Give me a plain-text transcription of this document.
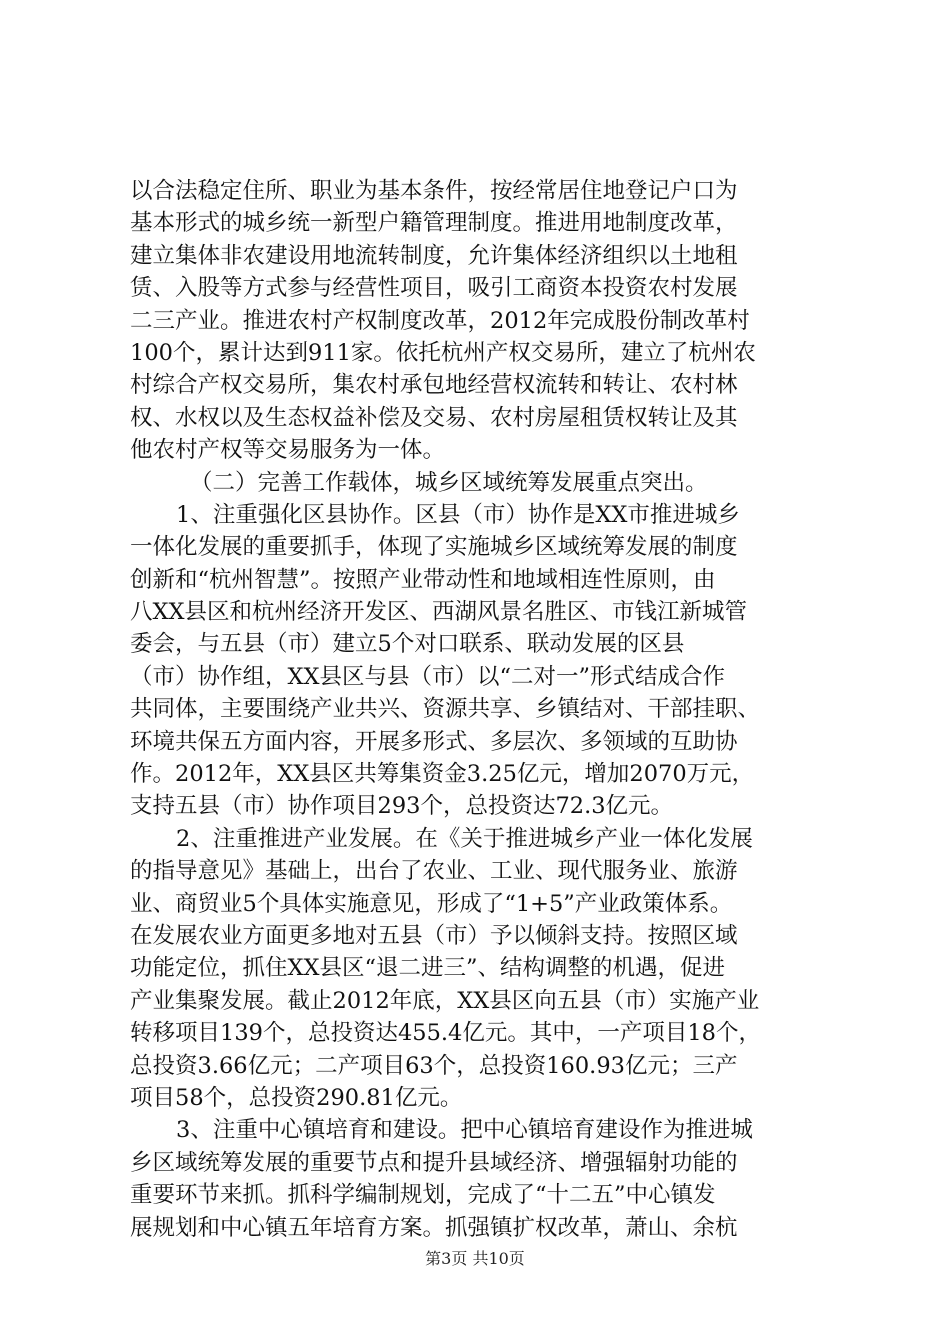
以合法稳定住所、职业为基本条件，按经常居住地登记户口为
基本形式的城乡统一新型户籍管理制度。推进用地制度改革，
建立集体非农建设用地流转制度，允许集体经济组织以土地租
赁、入股等方式参与经营性项目，吸引工商资本投资农村发展
二三产业。推进农村产权制度改革，2012年完成股份制改革村
100个，累计达到911家。依托杭州产权交易所，建立了杭州农
村综合产权交易所，集农村承包地经营权流转和转让、农村林
权、水权以及生态权益补偿及交易、农村房屋租赁权转让及其
他农村产权等交易服务为一体。
（二）完善工作载体，城乡区域统筹发展重点突出。
1、注重强化区县协作。区县（市）协作是XX市推进城乡
一体化发展的重要抓手，体现了实施城乡区域统筹发展的制度
创新和“杭州智慧”。按照产业带动性和地域相连性原则，由
八XX县区和杭州经济开发区、西湖风景名胜区、市钱江新城管
委会，与五县（市）建立5个对口联系、联动发展的区县
（市）协作组，XX县区与县（市）以“二对一”形式结成合作
共同体，主要围绕产业共兴、资源共享、乡镇结对、干部挂职、
环境共保五方面内容，开展多形式、多层次、多领域的互助协
作。2012年，XX县区共筹集资金3.25亿元，增加2070万元，
支持五县（市）协作项目293个，总投资达72.3亿元。
2、注重推进产业发展。在《关于推进城乡产业一体化发展
的指导意见》基础上，出台了农业、工业、现代服务业、旅游
业、商贸业5个具体实施意见，形成了“1+5”产业政策体系。
在发展农业方面更多地对五县（市）予以倾斜支持。按照区域
功能定位，抓住XX县区“退二进三”、结构调整的机遇，促进
产业集聚发展。截止2012年底，XX县区向五县（市）实施产业
转移项目139个，总投资达455.4亿元。其中，一产项目18个，
总投资3.66亿元；二产项目63个，总投资160.93亿元；三产
项目58个，总投资290.81亿元。
3、注重中心镇培育和建设。把中心镇培育建设作为推进城
乡区域统筹发展的重要节点和提升县域经济、增强辐射功能的
重要环节来抓。抓科学编制规划，完成了“十二五”中心镇发
展规划和中心镇五年培育方案。抓强镇扩权改革，萧山、余杭

第3页 共10页
